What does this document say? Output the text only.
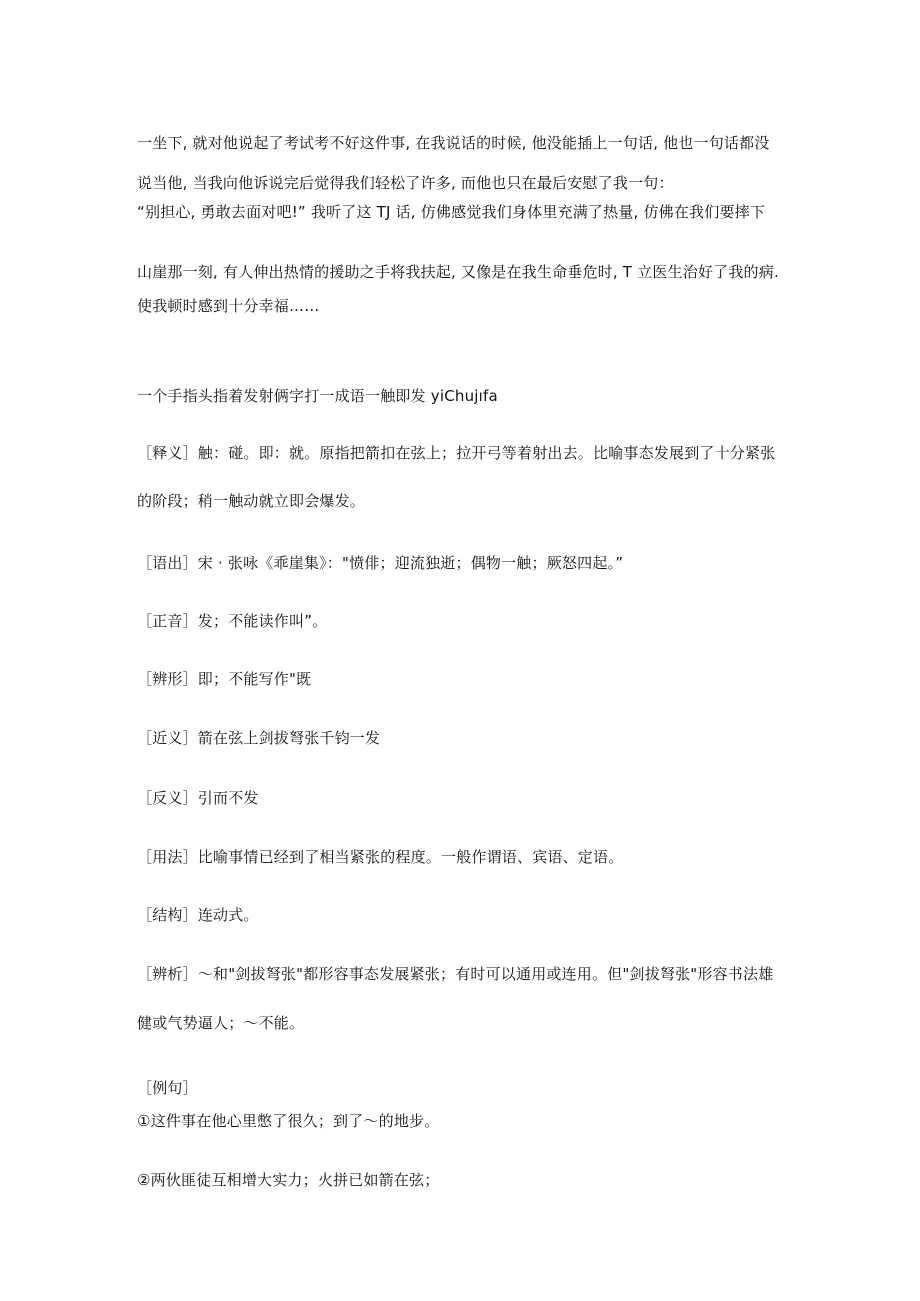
一坐下, 就对他说起了考试考不好这件事, 在我说话的时候, 他没能插上一句话, 他也一句话都没
说当他, 当我向他诉说完后觉得我们轻松了许多, 而他也只在最后安慰了我一句：
“别担心, 勇敢去面对吧!” 我听了这 TJ 话, 仿佛感觉我们身体里充满了热量, 仿佛在我们要摔下
山崖那一刻, 有人伸出热情的援助之手将我扶起, 又像是在我生命垂危时, T 立医生治好了我的病.
使我顿时感到十分幸福……
一个手指头指着发射俩字打一成语一触即发 yiChujıfa
［释义］触：碰。即：就。原指把箭扣在弦上；拉开弓等着射出去。比喻事态发展到了十分紧张
的阶段；稍一触动就立即会爆发。
［语出］宋 · 张咏《乖崖集》："愤俳；迎流独逝；偶物一触；厥怒四起。”
［正音］发；不能读作叫”。
［辨形］即；不能写作"既
［近义］箭在弦上剑拔弩张千钧一发
［反义］引而不发
［用法］比喻事情已经到了相当紧张的程度。一般作谓语、宾语、定语。
［结构］连动式。
［辨析］～和"剑拔弩张"都形容事态发展紧张；有时可以通用或连用。但"剑拔弩张"形容书法雄
健或气势逼人；～不能。
［例句］
①这件事在他心里憋了很久；到了～的地步。
②两伙匪徒互相增大实力；火拼已如箭在弦；
